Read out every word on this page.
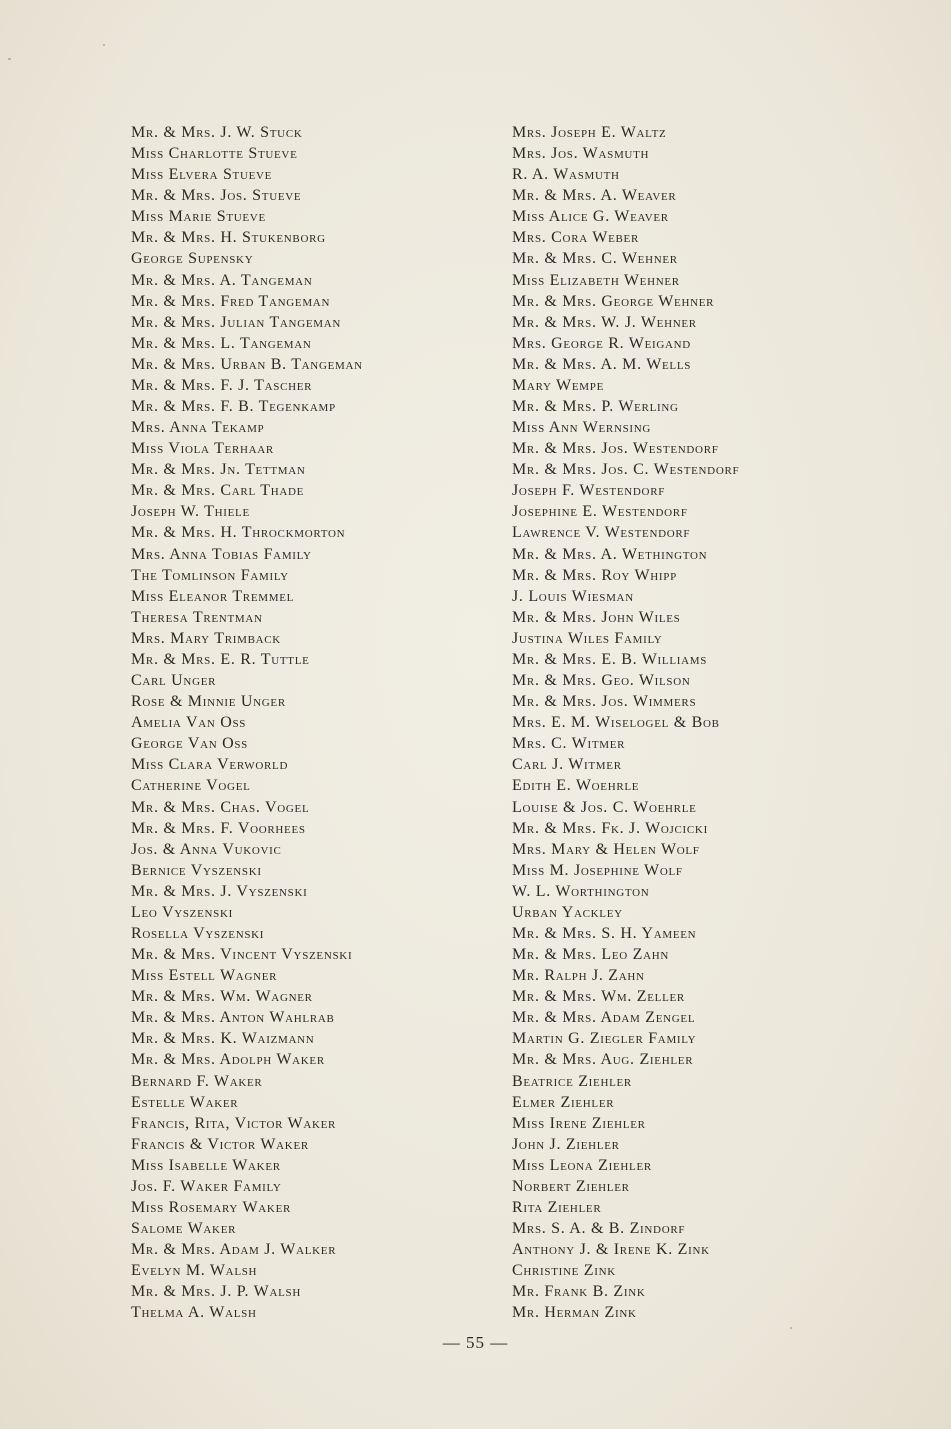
Mr. & Mrs. J. W. Stuck
Miss Charlotte Stueve
Miss Elvera Stueve
Mr. & Mrs. Jos. Stueve
Miss Marie Stueve
Mr. & Mrs. H. Stukenborg
George Supensky
Mr. & Mrs. A. Tangeman
Mr. & Mrs. Fred Tangeman
Mr. & Mrs. Julian Tangeman
Mr. & Mrs. L. Tangeman
Mr. & Mrs. Urban B. Tangeman
Mr. & Mrs. F. J. Tascher
Mr. & Mrs. F. B. Tegenkamp
Mrs. Anna Tekamp
Miss Viola Terhaar
Mr. & Mrs. Jn. Tettman
Mr. & Mrs. Carl Thade
Joseph W. Thiele
Mr. & Mrs. H. Throckmorton
Mrs. Anna Tobias Family
The Tomlinson Family
Miss Eleanor Tremmel
Theresa Trentman
Mrs. Mary Trimback
Mr. & Mrs. E. R. Tuttle
Carl Unger
Rose & Minnie Unger
Amelia Van Oss
George Van Oss
Miss Clara Verworld
Catherine Vogel
Mr. & Mrs. Chas. Vogel
Mr. & Mrs. F. Voorhees
Jos. & Anna Vukovic
Bernice Vyszenski
Mr. & Mrs. J. Vyszenski
Leo Vyszenski
Rosella Vyszenski
Mr. & Mrs. Vincent Vyszenski
Miss Estell Wagner
Mr. & Mrs. Wm. Wagner
Mr. & Mrs. Anton Wahlrab
Mr. & Mrs. K. Waizmann
Mr. & Mrs. Adolph Waker
Bernard F. Waker
Estelle Waker
Francis, Rita, Victor Waker
Francis & Victor Waker
Miss Isabelle Waker
Jos. F. Waker Family
Miss Rosemary Waker
Salome Waker
Mr. & Mrs. Adam J. Walker
Evelyn M. Walsh
Mr. & Mrs. J. P. Walsh
Thelma A. Walsh
Mrs. Joseph E. Waltz
Mrs. Jos. Wasmuth
R. A. Wasmuth
Mr. & Mrs. A. Weaver
Miss Alice G. Weaver
Mrs. Cora Weber
Mr. & Mrs. C. Wehner
Miss Elizabeth Wehner
Mr. & Mrs. George Wehner
Mr. & Mrs. W. J. Wehner
Mrs. George R. Weigand
Mr. & Mrs. A. M. Wells
Mary Wempe
Mr. & Mrs. P. Werling
Miss Ann Wernsing
Mr. & Mrs. Jos. Westendorf
Mr. & Mrs. Jos. C. Westendorf
Joseph F. Westendorf
Josephine E. Westendorf
Lawrence V. Westendorf
Mr. & Mrs. A. Wethington
Mr. & Mrs. Roy Whipp
J. Louis Wiesman
Mr. & Mrs. John Wiles
Justina Wiles Family
Mr. & Mrs. E. B. Williams
Mr. & Mrs. Geo. Wilson
Mr. & Mrs. Jos. Wimmers
Mrs. E. M. Wiselogel & Bob
Mrs. C. Witmer
Carl J. Witmer
Edith E. Woehrle
Louise & Jos. C. Woehrle
Mr. & Mrs. Fk. J. Wojcicki
Mrs. Mary & Helen Wolf
Miss M. Josephine Wolf
W. L. Worthington
Urban Yackley
Mr. & Mrs. S. H. Yameen
Mr. & Mrs. Leo Zahn
Mr. Ralph J. Zahn
Mr. & Mrs. Wm. Zeller
Mr. & Mrs. Adam Zengel
Martin G. Ziegler Family
Mr. & Mrs. Aug. Ziehler
Beatrice Ziehler
Elmer Ziehler
Miss Irene Ziehler
John J. Ziehler
Miss Leona Ziehler
Norbert Ziehler
Rita Ziehler
Mrs. S. A. & B. Zindorf
Anthony J. & Irene K. Zink
Christine Zink
Mr. Frank B. Zink
Mr. Herman Zink
— 55 —
